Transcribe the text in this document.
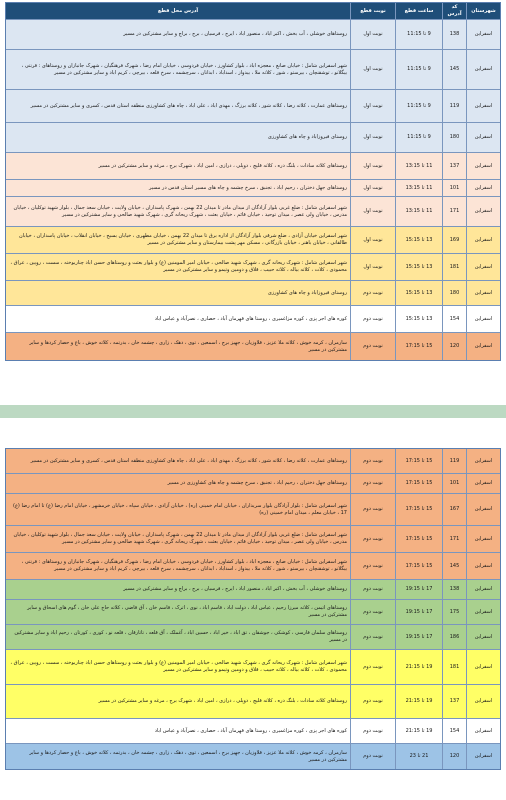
شهرستان
کد آدرس
ساعت قطع
نوبت قطع
آدرس محل قطع
اسفراین
138
9 تا 11:15
نوبت اول
روستاهای خوشلی ، آب بخش ، اکبر اباد ، منصور اباد ، ایرج ، فرسیان ، برج ، براچ و سایر مشترکین در مسیر
اسفراین
145
9 تا 11:15
نوبت اول
شهر اسفراین شامل : خیابان صانع ، معجزه اباد ، بلوار کشاورز ، خیابان فردوسی ، خیابان امام رضا ، شهرک فرهنگیان ، شهرک جانبازان و روستاهای : قرنتی ، بیگلانو ، توشقنچان ، بیرستو ، شور ، کلاته ملا ، بیدواز ، اسداباد ، ابدانان ، سرچشمه ، سرخ قلعه ، بیرچی ، کریم اباد و سایر مشترکین در مسیر
اسفراین
119
9 تا 11:15
نوبت اول
روستاهای عمارت ، کلاته رضا ، کلاته شور ، کلاته برزگ ، مهدی اباد ، علی اباد ، چاه های کشاورزی منطقه استان قدس ، کسری و سایر مشترکین در مسیر
اسفراین
180
9 تا 11:15
نوبت اول
روستای فیروزاباد و چاه های کشاورزی
اسفراین
137
11 تا 13:15
نوبت اول
روستاهای کلاته سادات ، بلنگ دره ، کلاته قلیچ ، دوپلی ، درازی ، امین اباد ، شهرک برج ، مرغه و سایر مشترکین در مسیر
اسفراین
101
11 تا 13:15
نوبت اول
روستاهای جهل دختران ، رحیم اباد ، تجنبق ، سرخ چشمه و چاه های مسیر استان قدس در مسیر
اسفراین
171
11 تا 13:15
نوبت اول
شهر اسفراین شامل : ضلع غربی بلوار آزادگان از میدان مادر تا میدان 22 بهمن ، شهرک پاسداران ، خیابان ولایت ، خیابان سعد جمال ، بلوار شهید توکلیان ، خیابان مدرس ، خیابان ولی عصر ، میدان توحید ، خیابان قائم ، خیابان بعثت ، شهرک ریحانه گری ، شهرک شهید صالحی و سایر مشترکین در مسیر
اسفراین
169
13 تا 15:15
نوبت اول
شهر اسفراین خیابان آزادی ، ضلع شرقی بلوار آزادگان از اداره برق تا میدان 22 بهمن ، خیابان مطهری ، خیابان بسیج ، خیابان انقلاب ، خیابان پاسداران ، خیابان طالقانی ، خیابان باهنر ، خیابان بازرگانی ، مسکن مهر پشت بیمارستان و سایر مشترکین در مسیر
اسفراین
181
13 تا 15:15
نوبت اول
شهر اسفراین شامل : شهرک ریحانه گری ، شهرک شهید صالحی ، خیابان امیر المومنین (ع) و بلوار بعثت و روستاهای حسن اباد چناربوخته ، سست ، رویین ، عراق ، محمودی ، کلات ، کلاته بیاله ، کلاته حبیب ، قلاق و دومین وتیمو و سایر مشترکین در مسیر
اسفراین
180
13 تا 15:15
نوبت دوم
روستای فیروزاباد و چاه های کشاورزی
اسفراین
154
13 تا 15:15
نوبت دوم
کوره های اجر پزی ، کوره مزاغمیری ، روستا های قهرمان آباد ، حصاری ، نصرآباد و عباس اباد
اسفراین
120
15 تا 17:15
نوبت دوم
سارمران ، کرمه خوش ، کلاته ملا عزیز ، قلاوزیان ، جهیز برج ، اسمعین ، توی ، دهک ، زاری ، چشمه خان ، بدرتمه ، کلاته خوش ، باغ و حصار کردها و سایر مشترکین در مسیر
اسفراین
119
15 تا 17:15
نوبت دوم
روستاهای عمارت ، کلاته رضا ، کلاته شور ، کلاته برزگ ، مهدی اباد ، علی اباد ، چاه های کشاورزی منطقه استان قدس ، کسری و سایر مشترکین در مسیر
اسفراین
101
15 تا 17:15
نوبت دوم
روستاهای جهل دختران ، رحیم اباد ، تجنبق ، سرخ چشمه و چاه های کشاورزی در مسیر
اسفراین
167
15 تا 17:15
نوبت دوم
شهر اسفراین شامل : بلوار آزادگان بلوار سربداران ، خیابان امام خمینی (ره) ، خیابان آزادی ، خیابان سپاه ، خیابان خرمشهر ، خیابان امام رضا (ع) تا امام رضا (ع) 17 ، خیابان معلم ، میدان امام خمینی (ره)
اسفراین
171
15 تا 17:15
نوبت دوم
شهر اسفراین شامل : ضلع غربی بلوار آزادگان از میدان مادر تا میدان 22 بهمن ، شهرک پاسداران ، خیابان ولایت ، خیابان سعد جمال ، بلوار شهید توکلیان ، خیابان مدرس ، خیابان ولی عصر ، میدان توحید ، خیابان قائم ، خیابان بعثت ، شهرک ریحانه گری ، شهرک شهید صالحی و سایر مشترکین در مسیر
اسفراین
145
15 تا 17:15
نوبت دوم
شهر اسفراین شامل : خیابان صانع ، معجزه اباد ، بلوار کشاورز ، خیابان فردوسی ، خیابان امام رضا ، شهرک فرهنگیان ، شهرک جانبازان و روستاهای : قرنتی ، بیگلانو ، توشقنچان ، بیرستو ، شور ، کلاته ملا ، بیدواز ، اسداباد ، ابدانان ، سرچشمه ، سرخ قلعه ، بیرچی ، کریم اباد و سایر مشترکین در مسیر
اسفراین
138
17 تا 19:15
نوبت دوم
روستاهای خوشلی ، آب بخش ، اکبر اباد ، منصور اباد ، ایرج ، فرسیان ، برج ، براچ و سایر مشترکین در مسیر
اسفراین
175
17 تا 19:15
نوبت دوم
روستاهای اتیمن ، کلاته میرزا رحیم ، عباس اباد ، دولت اباد ، قاسم اباد ، نوی ، اترک ، قاسم خان ، آق قاضی ، کلاته حاج علی خان ، گوم های اسحاق و سایر مشترکین در مسیر
اسفراین
186
17 تا 19:15
نوبت دوم
روستاهای سلمان فارسی ، کوشکی ، جوشقان ، تق اباد ، خیر اباد ، حسین اباد ، آغملک ، آق قلعه ، تاتارقان ، قلعه نو ، کوری ، کورتان ، رحیم اباد و سایر مشترکین در مسیر
اسفراین
181
19 تا 21:15
نوبت دوم
شهر اسفراین شامل : شهرک ریحانه گری ، شهرک شهید صالحی ، خیابان امیر المومنین (ع) و بلوار بعثت و روستاهای حسن اباد چناربوخته ، سست ، رویین ، عراق ، محمودی ، کلات ، کلاته بیاله ، کلاته حبیب ، قلاق و دومین وتیمو و سایر مشترکین در مسیر
اسفراین
137
19 تا 21:15
نوبت دوم
روستاهای کلاته سادات ، بلنگ دره ، کلاته قلیچ ، دوپلی ، درازی ، امین اباد ، شهرک برج ، مرغه و سایر مشترکین در مسیر
اسفراین
154
19 تا 21:15
نوبت دوم
کوره های اجر پزی ، کوره مزاغمیری ، روستا های قهرمان آباد ، حصاری ، نصرآباد و عباس اباد
اسفراین
120
21 تا 23
نوبت دوم
سارمران ، کرمه خوش ، کلاته ملا عزیز ، قلاوزیان ، جهیز برج ، اسمعین ، توی ، دهک ، زاری ، چشمه خان ، بدرتمه ، کلاته خوش ، باغ و حصار کردها و سایر مشترکین در مسیر
